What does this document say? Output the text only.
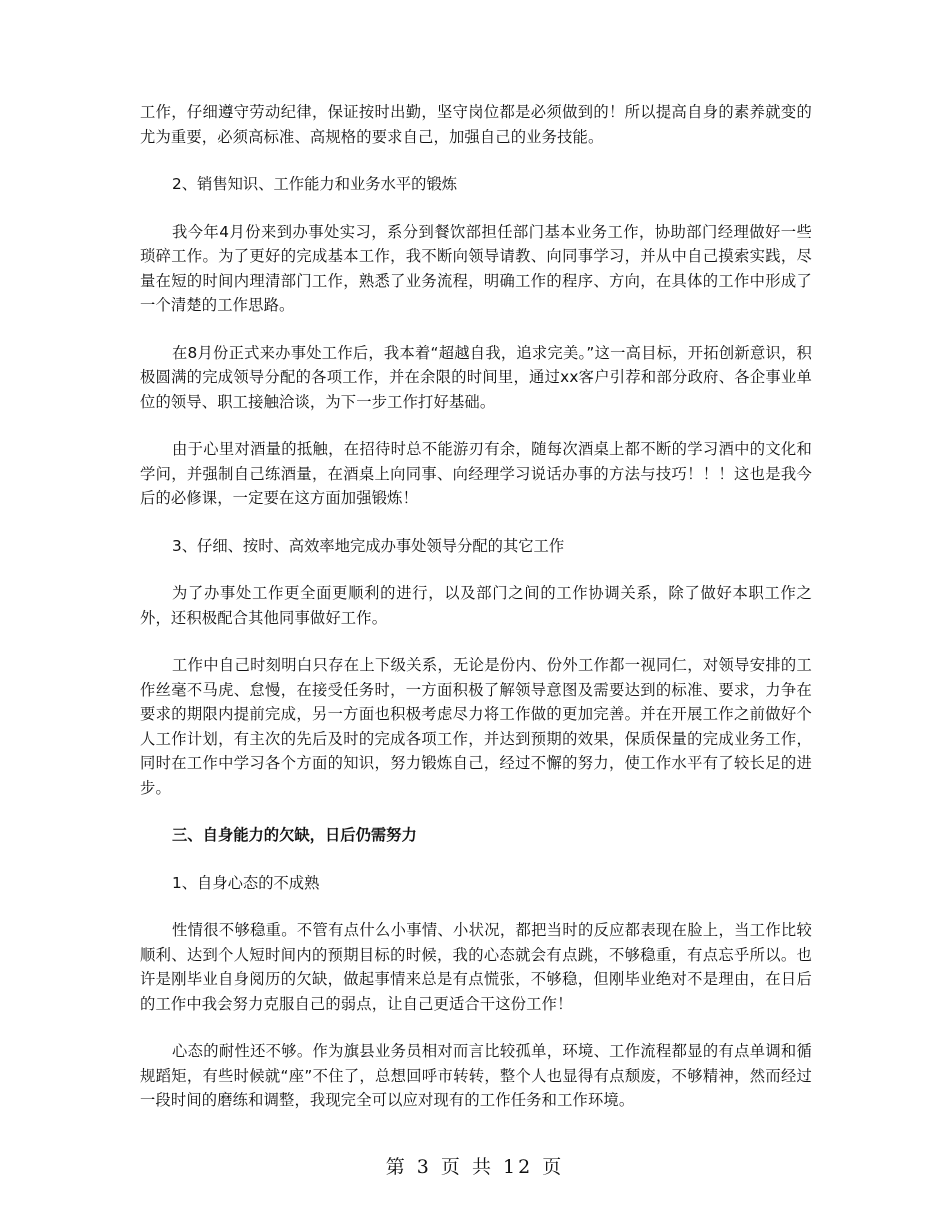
工作，仔细遵守劳动纪律，保证按时出勤，坚守岗位都是必须做到的！所以提高自身的素养就变的尤为重要，必须高标准、高规格的要求自己，加强自己的业务技能。

2、销售知识、工作能力和业务水平的锻炼

我今年4月份来到办事处实习，系分到餐饮部担任部门基本业务工作，协助部门经理做好一些琐碎工作。为了更好的完成基本工作，我不断向领导请教、向同事学习，并从中自己摸索实践，尽量在短的时间内理清部门工作，熟悉了业务流程，明确工作的程序、方向，在具体的工作中形成了一个清楚的工作思路。

在8月份正式来办事处工作后，我本着“超越自我，追求完美。”这一高目标，开拓创新意识，积极圆满的完成领导分配的各项工作，并在余限的时间里，通过xx客户引荐和部分政府、各企事业单位的领导、职工接触洽谈，为下一步工作打好基础。

由于心里对酒量的抵触，在招待时总不能游刃有余，随每次酒桌上都不断的学习酒中的文化和学问，并强制自己练酒量，在酒桌上向同事、向经理学习说话办事的方法与技巧！！！这也是我今后的必修课，一定要在这方面加强锻炼！

3、仔细、按时、高效率地完成办事处领导分配的其它工作

为了办事处工作更全面更顺利的进行，以及部门之间的工作协调关系，除了做好本职工作之外，还积极配合其他同事做好工作。

工作中自己时刻明白只存在上下级关系，无论是份内、份外工作都一视同仁，对领导安排的工作丝毫不马虎、怠慢，在接受任务时，一方面积极了解领导意图及需要达到的标准、要求，力争在要求的期限内提前完成，另一方面也积极考虑尽力将工作做的更加完善。并在开展工作之前做好个人工作计划，有主次的先后及时的完成各项工作，并达到预期的效果，保质保量的完成业务工作，同时在工作中学习各个方面的知识，努力锻炼自己，经过不懈的努力，使工作水平有了较长足的进步。

三、自身能力的欠缺，日后仍需努力

1、自身心态的不成熟

性情很不够稳重。不管有点什么小事情、小状况，都把当时的反应都表现在脸上，当工作比较顺利、达到个人短时间内的预期目标的时候，我的心态就会有点跳，不够稳重，有点忘乎所以。也许是刚毕业自身阅历的欠缺，做起事情来总是有点慌张，不够稳，但刚毕业绝对不是理由，在日后的工作中我会努力克服自己的弱点，让自己更适合干这份工作！

心态的耐性还不够。作为旗县业务员相对而言比较孤单，环境、工作流程都显的有点单调和循规蹈矩，有些时候就“座”不住了，总想回呼市转转，整个人也显得有点颓废，不够精神，然而经过一段时间的磨练和调整，我现完全可以应对现有的工作任务和工作环境。

第 3 页 共 12 页
